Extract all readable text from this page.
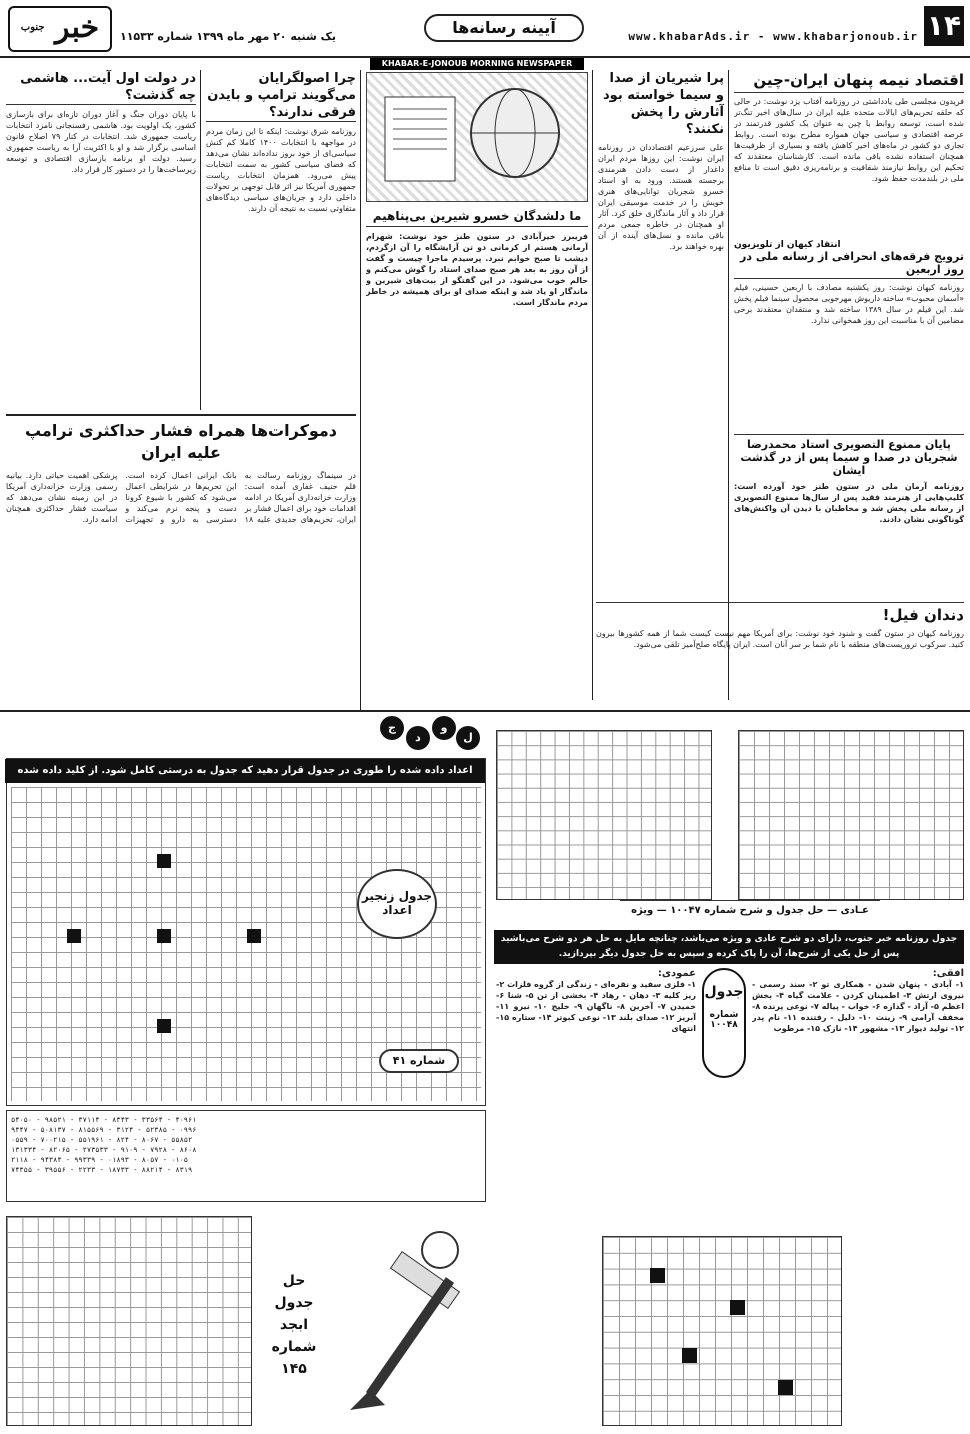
۱۴
www.khabarAds.ir - www.khabarjonoub.ir
آیینه رسانه‌ها
یک شنبه ۲۰ مهر ماه ۱۳۹۹ شماره ۱۱۵۳۳
خبر $^{جنوب}$
KHABAR-E-JONOUB MORNING NEWSPAPER
اقتصاد نیمه پنهان ایران-چین
فریدون مجلسی طی یادداشتی در روزنامه آفتاب یزد نوشت: در حالی که حلقه تحریم‌های ایالات متحده علیه ایران در سال‌های اخیر تنگ‌تر شده است، توسعه روابط با چین به عنوان یک کشور قدرتمند در عرصه اقتصادی و سیاسی جهان همواره مطرح بوده است. روابط تجاری دو کشور در ماه‌های اخیر کاهش یافته و بسیاری از ظرفیت‌ها همچنان استفاده نشده باقی مانده است. کارشناسان معتقدند که تحکیم این روابط نیازمند شفافیت و برنامه‌ریزی دقیق است تا منافع ملی در بلندمدت حفظ شود.
انتقاد کیهان از تلویزیون
ترویج فرقه‌های انحرافی از رسانه ملی در روز اربعین
روزنامه کیهان نوشت: روز یکشنبه مصادف با اربعین حسینی، فیلم «آسمان محبوب» ساخته داریوش مهرجویی محصول سینما فیلم پخش شد. این فیلم در سال ۱۳۸۹ ساخته شد و منتقدان معتقدند برخی مضامین آن با مناسبت این روز همخوانی ندارد.
پایان ممنوع التصویری استاد محمدرضا شجریان در صدا و سیما پس از در گذشت ایشان
روزنامه آرمان ملی در ستون طنز خود آورده است: کلیپ‌هایی از هنرمند فقید پس از سال‌ها ممنوع التصویری از رسانه ملی پخش شد و مخاطبان با دیدن آن واکنش‌های گوناگونی نشان دادند.
دندان فیل!
روزنامه کیهان در ستون گفت و شنود خود نوشت: برای آمریکا مهم نیست کیست شما از همه کشورها بیرون کنید. سرکوب تروریست‌های منطقه با نام شما بر سر آنان است. ایران پایگاه صلح‌آمیز تلقی می‌شود.
پرا شیریان از صدا و سیما خواسته بود آثارش را پخش نکنند؟
علی سرزعیم اقتصاددان در روزنامه ایران نوشت: این روزها مردم ایران داغدار از دست دادن هنرمندی برجسته هستند. ورود به او استاد خسرو شجریان توانایی‌های هنری خویش را در خدمت موسیقی ایران قرار داد و آثار ماندگاری خلق کرد. آثار او همچنان در خاطره جمعی مردم باقی مانده و نسل‌های آینده از آن بهره خواهند برد.
ما دلشدگان خسرو شیرین بی‌پناهیم
فریبرز خیرآبادی در ستون طنز خود نوشت: شهرام آرمانی هستم از کرمانی دو تن آرایشگاه را آن ازگردم، دیشب تا صبح خوابم نبرد. پرسیدم ماجرا چیست و گفت از آن روز به بعد هر صبح صدای استاد را گوش می‌کنم و حالم خوب می‌شود. در این گفتگو از بیت‌های شیرین و ماندگار او یاد شد و اینکه صدای او برای همیشه در خاطر مردم ماندگار است.
چرا اصولگرایان می‌گویند ترامپ و بایدن فرقی ندارند؟
روزنامه شرق نوشت: اینکه تا این زمان مردم در مواجهه با انتخابات ۱۴۰۰ کاملا کم کنش سیاسی‌ای از خود بروز نداده‌اند نشان می‌دهد که فضای سیاسی کشور به سمت انتخابات پیش می‌رود. همزمان انتخابات ریاست جمهوری آمریکا نیز اثر قابل توجهی بر تحولات داخلی دارد و جریان‌های سیاسی دیدگاه‌های متفاوتی نسبت به نتیجه آن دارند.
در دولت اول آیت‌... هاشمی چه گذشت؟
با پایان دوران جنگ و آغاز دوران تازه‌ای برای بازسازی کشور، یک اولویت بود. هاشمی رفسنجانی نامزد انتخابات ریاست جمهوری شد. انتخابات در کنار ۷۹ اصلاح قانون اساسی برگزار شد و او با اکثریت آرا به ریاست جمهوری رسید. دولت او برنامه بازسازی اقتصادی و توسعه زیرساخت‌ها را در دستور کار قرار داد.
دموکرات‌ها همراه فشار حداکثری ترامپ علیه ایران
در سینماگ روزنامه رسالت به قلم حنیف غفاری آمده است: وزارت خزانه‌داری آمریکا در ادامه اقدامات خود برای اعمال فشار بر ایران، تحریم‌های جدیدی علیه ۱۸ بانک ایرانی اعمال کرده است. این تحریم‌ها در شرایطی اعمال می‌شود که کشور با شیوع کرونا دست و پنجه نرم می‌کند و دسترسی به دارو و تجهیزات پزشکی اهمیت حیاتی دارد. بیانیه رسمی وزارت خزانه‌داری آمریکا در این زمینه نشان می‌دهد که سیاست فشار حداکثری همچنان ادامه دارد.
اعداد داده شده را طوری در جدول قرار دهید که جدول به درستی کامل شود. از کلید داده شده
جدول زنجیر اعداد
شماره ۴۱
ج
د
و
ل
عـادی — حل جدول و شرح شماره ۱۰۰۴۷ — ویژه
جدول روزنامه خبر جنوب، دارای دو شرح عادی و ویژه می‌باشد، چنانچه مایل به حل هر دو شرح می‌باشید پس از حل یکی از شرح‌ها، آن را پاک کرده و سپس به حل جدول دیگر بپردازید.
جدول
شماره ۱۰۰۴۸
افقی:
۱- آبادی - پنهان شدن - همکاری تو ۲- سند رسمی - نیروی ارتش ۳- اطمینان کردن - علامت گیاه ۴- بخش اعظم ۵- آزاد - گدازه ۶- خواب - پیاله ۷- نوعی پرنده ۸- مخفف آرامی ۹- زینت ۱۰- دلیل - رفتنده ۱۱- نام پدر ۱۲- تولید دیوار ۱۳- مشهور ۱۴- نازک ۱۵- مرطوب
عمودی:
۱- فلزی سفید و نقره‌ای - زندگی از گروه فلزات ۲- ریز کلیه ۳- دهان - رهاد ۴- بخشی از تن ۵- شنا ۶- خمیدن ۷- آخرین ۸- ناگهان ۹- خلیج ۱۰- نیرو ۱۱- آبریز ۱۲- صدای بلند ۱۳- نوعی کبوتر ۱۴- ستاره ۱۵- انتهای
۵۴۰۵۰ - ۹۸۵۲۱ - ۳۷۱۱۴ - ۸۳۴۳ - ۳۳۵۶۴ - ۴۰۹۶۱
۹۴۴۷ - ۵۰۸۱۳۷ - ۸۱۵۵۶۹ - ۳۱۲۴ - ۵۲۳۸۵ - ۰۹۹۶
۰۵۵۹ - ۷۰۰۲۱۵ - ۵۵۱۹۶۱ - ۸۲۴ - ۸۰۶۷ - ۵۵۸۵۲
۱۳۱۳۳۴ - ۸۲۰۶۵ - ۲۷۳۵۳۳ - ۹۱۰۹ - ۷۹۲۸ - ۸۶۰۸
۲۱۱۸ - ۹۴۳۸۴ - ۹۹۳۳۹ - ۰۱۸۹۳ - ۸۰۵۷ - ۰۱۰۵
۷۴۳۵۵ - ۳۹۵۵۶ - ۲۲۳۳ - ۱۸۷۳۳ - ۸۸۲۱۴ - ۸۳۱۹
حل جدول ابجد شماره ۱۴۵
